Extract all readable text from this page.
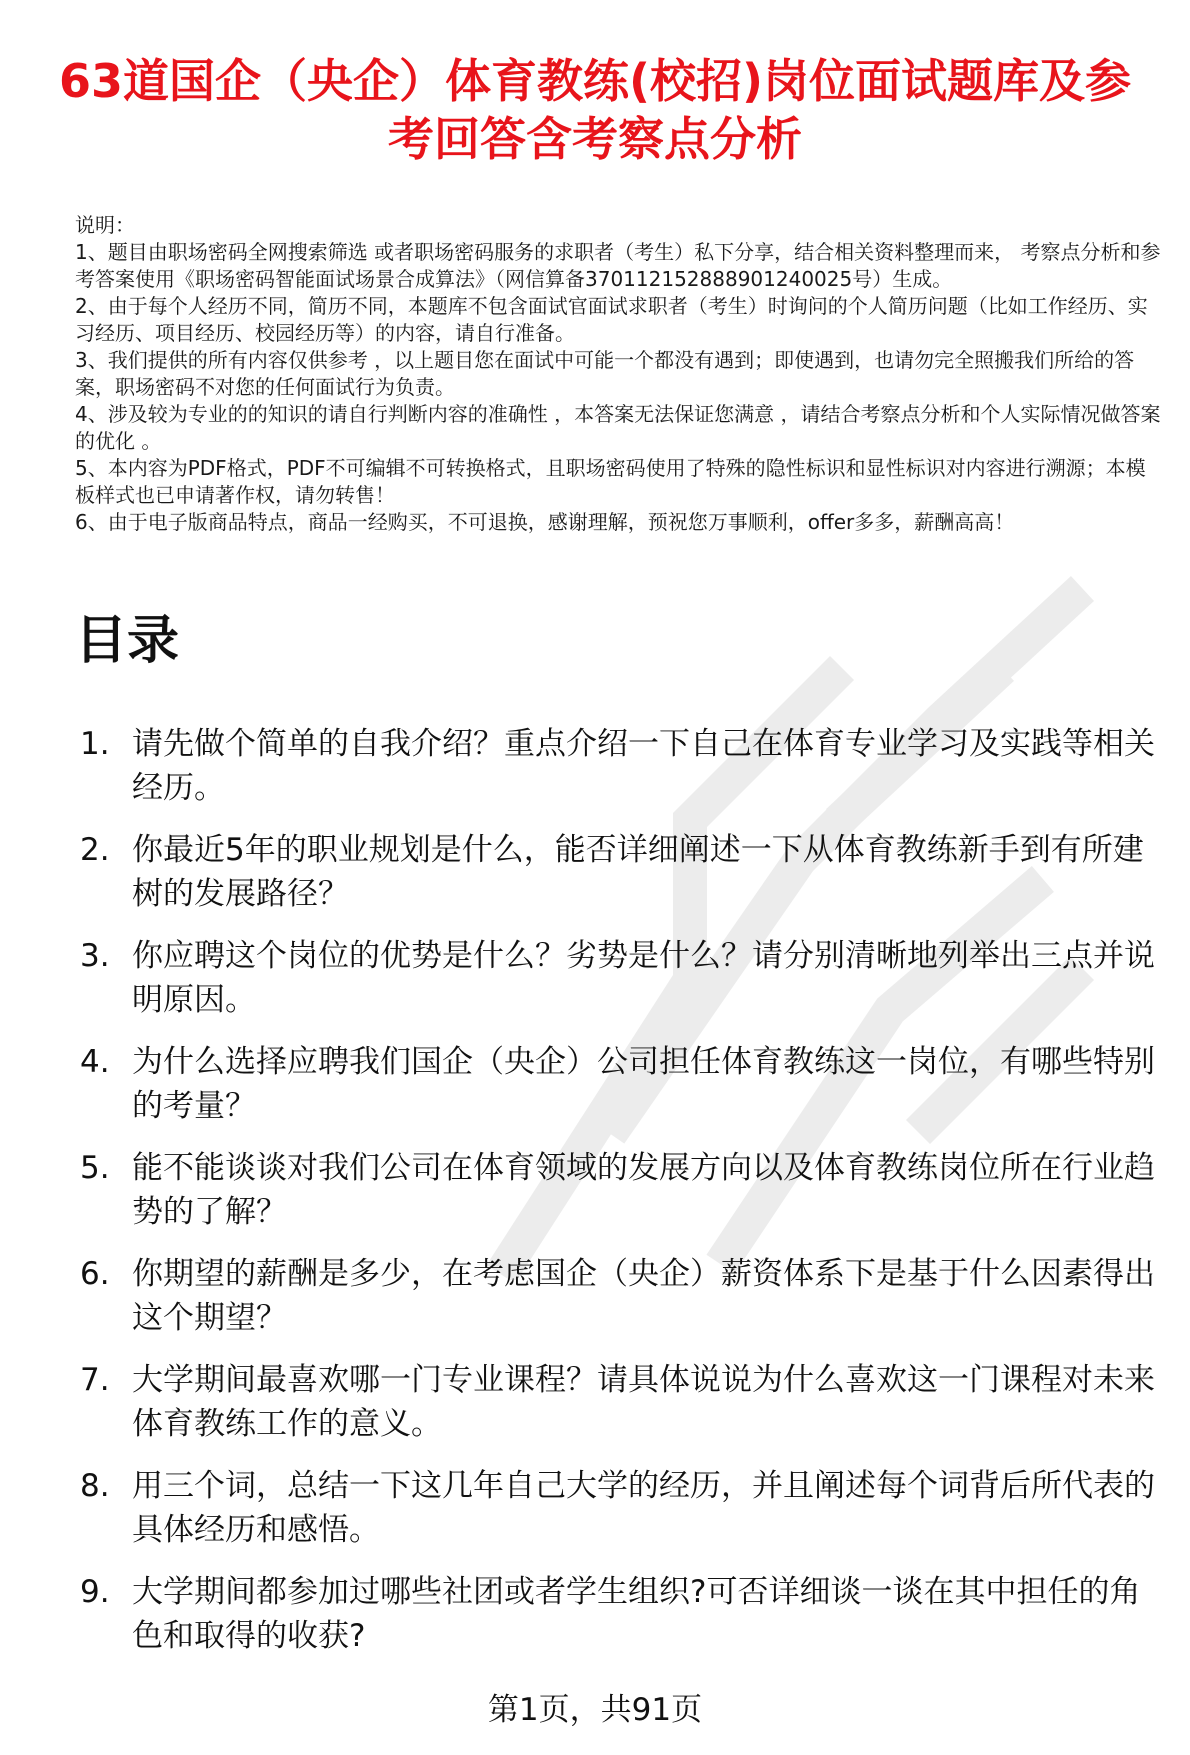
63道国企（央企）体育教练(校招)岗位面试题库及参考回答含考察点分析

说明：

1、题目由职场密码全网搜索筛选 或者职场密码服务的求职者（考生）私下分享，结合相关资料整理而来， 考察点分析和参考答案使用《职场密码智能面试场景合成算法》（网信算备370112152888901240025号）生成。

2、由于每个人经历不同，简历不同，本题库不包含面试官面试求职者（考生）时询问的个人简历问题（比如工作经历、实习经历、项目经历、校园经历等）的内容，请自行准备。

3、我们提供的所有内容仅供参考 ，以上题目您在面试中可能一个都没有遇到；即使遇到，也请勿完全照搬我们所给的答案，职场密码不对您的任何面试行为负责。

4、涉及较为专业的的知识的请自行判断内容的准确性 ，本答案无法保证您满意 ，请结合考察点分析和个人实际情况做答案的优化 。

5、本内容为PDF格式，PDF不可编辑不可转换格式，且职场密码使用了特殊的隐性标识和显性标识对内容进行溯源；本模板样式也已申请著作权，请勿转售！

6、由于电子版商品特点，商品一经购买，不可退换，感谢理解，预祝您万事顺利，offer多多，薪酬高高！

目录
1. 请先做个简单的自我介绍？重点介绍一下自己在体育专业学习及实践等相关经历。
2. 你最近5年的职业规划是什么，能否详细阐述一下从体育教练新手到有所建树的发展路径？
3. 你应聘这个岗位的优势是什么？劣势是什么？请分别清晰地列举出三点并说明原因。
4. 为什么选择应聘我们国企（央企）公司担任体育教练这一岗位，有哪些特别的考量？
5. 能不能谈谈对我们公司在体育领域的发展方向以及体育教练岗位所在行业趋势的了解？
6. 你期望的薪酬是多少，在考虑国企（央企）薪资体系下是基于什么因素得出这个期望？
7. 大学期间最喜欢哪一门专业课程？请具体说说为什么喜欢这一门课程对未来体育教练工作的意义。
8. 用三个词，总结一下这几年自己大学的经历，并且阐述每个词背后所代表的具体经历和感悟。
9. 大学期间都参加过哪些社团或者学生组织?可否详细谈一谈在其中担任的角色和取得的收获?
第1页，共91页
